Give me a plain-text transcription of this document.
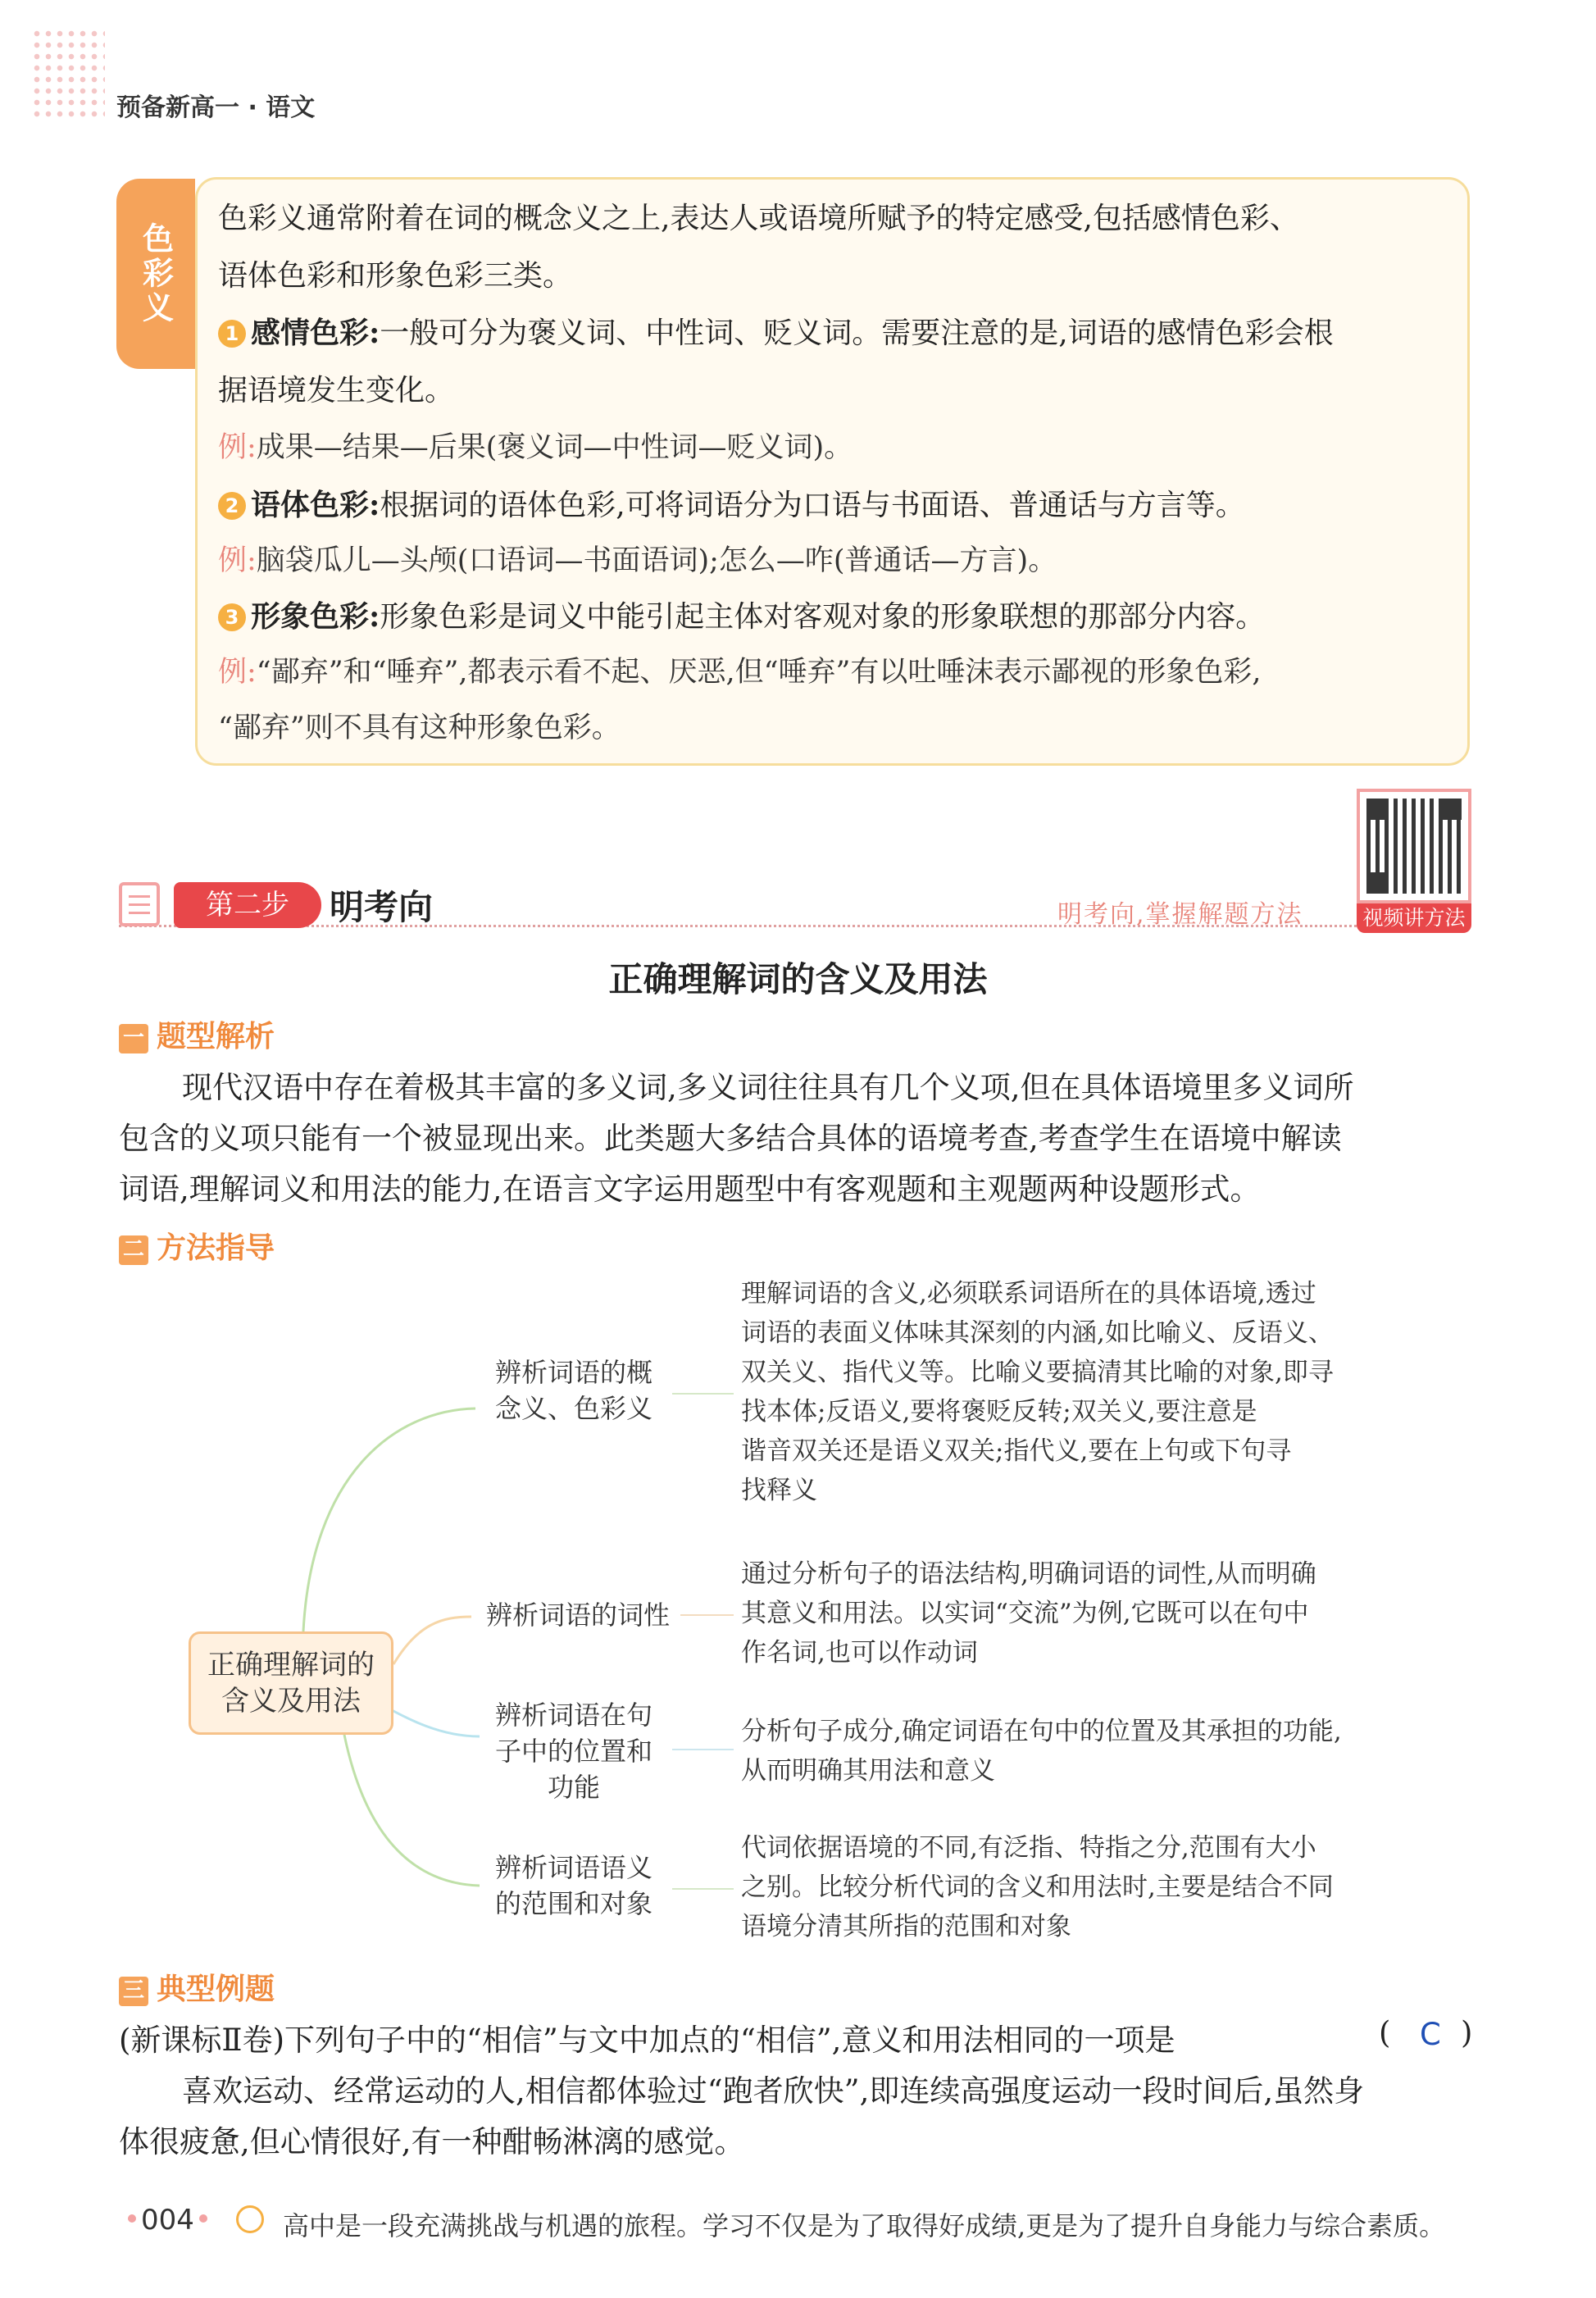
预备新高一 · 语文
色彩义
色彩义通常附着在词的概念义之上,表达人或语境所赋予的特定感受,包括感情色彩、
语体色彩和形象色彩三类。
1 感情色彩:一般可分为褒义词、中性词、贬义词。需要注意的是,词语的感情色彩会根
据语境发生变化。
例:成果—结果—后果(褒义词—中性词—贬义词)。
2 语体色彩:根据词的语体色彩,可将词语分为口语与书面语、普通话与方言等。
例:脑袋瓜儿—头颅(口语词—书面语词);怎么—咋(普通话—方言)。
3 形象色彩:形象色彩是词义中能引起主体对客观对象的形象联想的那部分内容。
例:“鄙弃”和“唾弃”,都表示看不起、厌恶,但“唾弃”有以吐唾沫表示鄙视的形象色彩,
“鄙弃”则不具有这种形象色彩。
视频讲方法
第二步	明考向	明考向,掌握解题方法
正确理解词的含义及用法
一 题型解析
现代汉语中存在着极其丰富的多义词,多义词往往具有几个义项,但在具体语境里多义词所
包含的义项只能有一个被显现出来。此类题大多结合具体的语境考查,考查学生在语境中解读
词语,理解词义和用法的能力,在语言文字运用题型中有客观题和主观题两种设题形式。
二 方法指导
正确理解词的
含义及用法
辨析词语的概
念义、色彩义
辨析词语的词性
辨析词语在句
子中的位置和
功能
辨析词语语义
的范围和对象
理解词语的含义,必须联系词语所在的具体语境,透过
词语的表面义体味其深刻的内涵,如比喻义、反语义、
双关义、指代义等。比喻义要搞清其比喻的对象,即寻
找本体;反语义,要将褒贬反转;双关义,要注意是
谐音双关还是语义双关;指代义,要在上句或下句寻
找释义
通过分析句子的语法结构,明确词语的词性,从而明确
其意义和用法。以实词“交流”为例,它既可以在句中
作名词,也可以作动词
分析句子成分,确定词语在句中的位置及其承担的功能,
从而明确其用法和意义
代词依据语境的不同,有泛指、特指之分,范围有大小
之别。比较分析代词的含义和用法时,主要是结合不同
语境分清其所指的范围和对象
三 典型例题
(新课标Ⅱ卷)下列句子中的“相信”与文中加点的“相信”,意义和用法相同的一项是	( C )
喜欢运动、经常运动的人,相信都体验过“跑者欣快”,即连续高强度运动一段时间后,虽然身
体很疲惫,但心情很好,有一种酣畅淋漓的感觉。
004	高中是一段充满挑战与机遇的旅程。学习不仅是为了取得好成绩,更是为了提升自身能力与综合素质。
